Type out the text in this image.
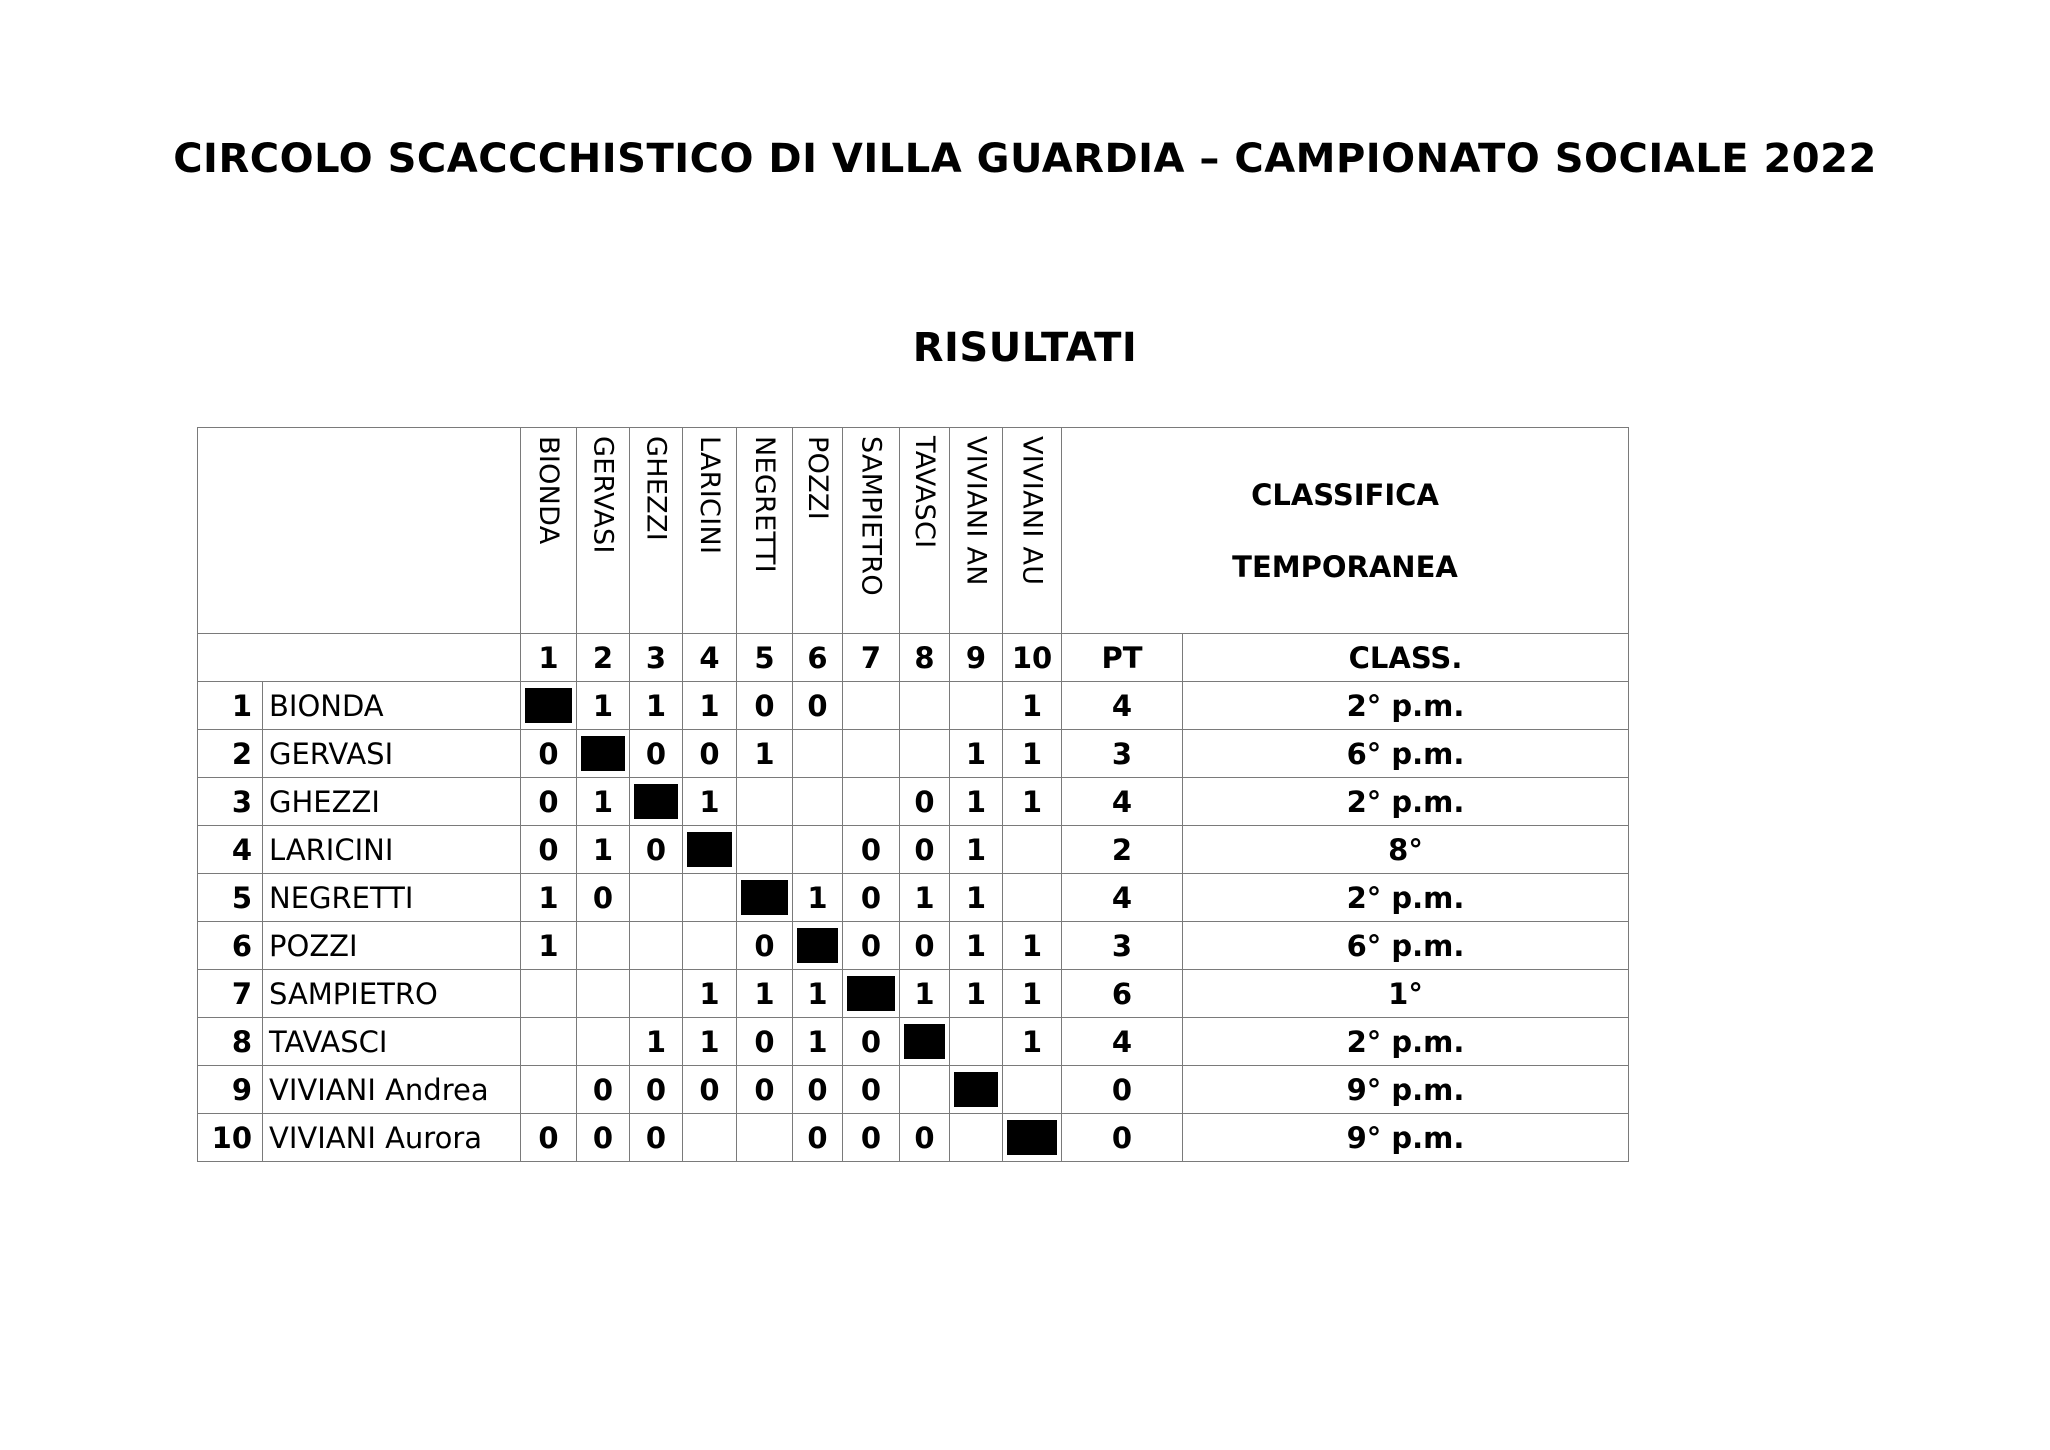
CIRCOLO SCACCCHISTICO DI VILLA GUARDIA – CAMPIONATO SOCIALE 2022
RISULTATI
		BIONDA	GERVASI	GHEZZI	LARICINI	NEGRETTI	POZZI	SAMPIETRO	TAVASCI	VIVIANI AN	VIVIANI AU	CLASSIFICA
TEMPORANEA	

		1	2	3	4	5	6	7	8	9	10	PT	CLASS.
1	BIONDA		1	1	1	0	0				1	4	2° p.m.
2	GERVASI	0		0	0	1				1	1	3	6° p.m.
3	GHEZZI	0	1		1				0	1	1	4	2° p.m.
4	LARICINI	0	1	0				0	0	1		2	8°
5	NEGRETTI	1	0				1	0	1	1		4	2° p.m.
6	POZZI	1				0		0	0	1	1	3	6° p.m.
7	SAMPIETRO				1	1	1		1	1	1	6	1°
8	TAVASCI			1	1	0	1	0			1	4	2° p.m.
9	VIVIANI Andrea		0	0	0	0	0	0				0	9° p.m.
10	VIVIANI Aurora	0	0	0			0	0	0			0	9° p.m.
